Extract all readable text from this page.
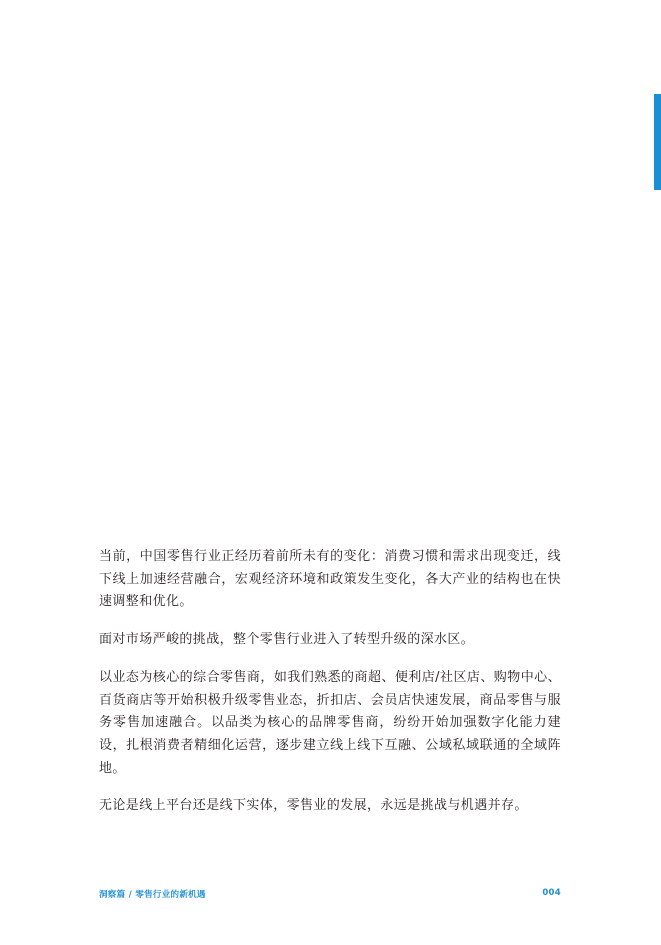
当前，中国零售行业正经历着前所未有的变化：消费习惯和需求出现变迁，线下线上加速经营融合，宏观经济环境和政策发生变化，各大产业的结构也在快速调整和优化。

面对市场严峻的挑战，整个零售行业进入了转型升级的深水区。

以业态为核心的综合零售商，如我们熟悉的商超、便利店/社区店、购物中心、百货商店等开始积极升级零售业态，折扣店、会员店快速发展，商品零售与服务零售加速融合。以品类为核心的品牌零售商，纷纷开始加强数字化能力建设，扎根消费者精细化运营，逐步建立线上线下互融、公域私域联通的全域阵地。

无论是线上平台还是线下实体，零售业的发展，永远是挑战与机遇并存。

洞察篇 / 零售行业的新机遇	004
